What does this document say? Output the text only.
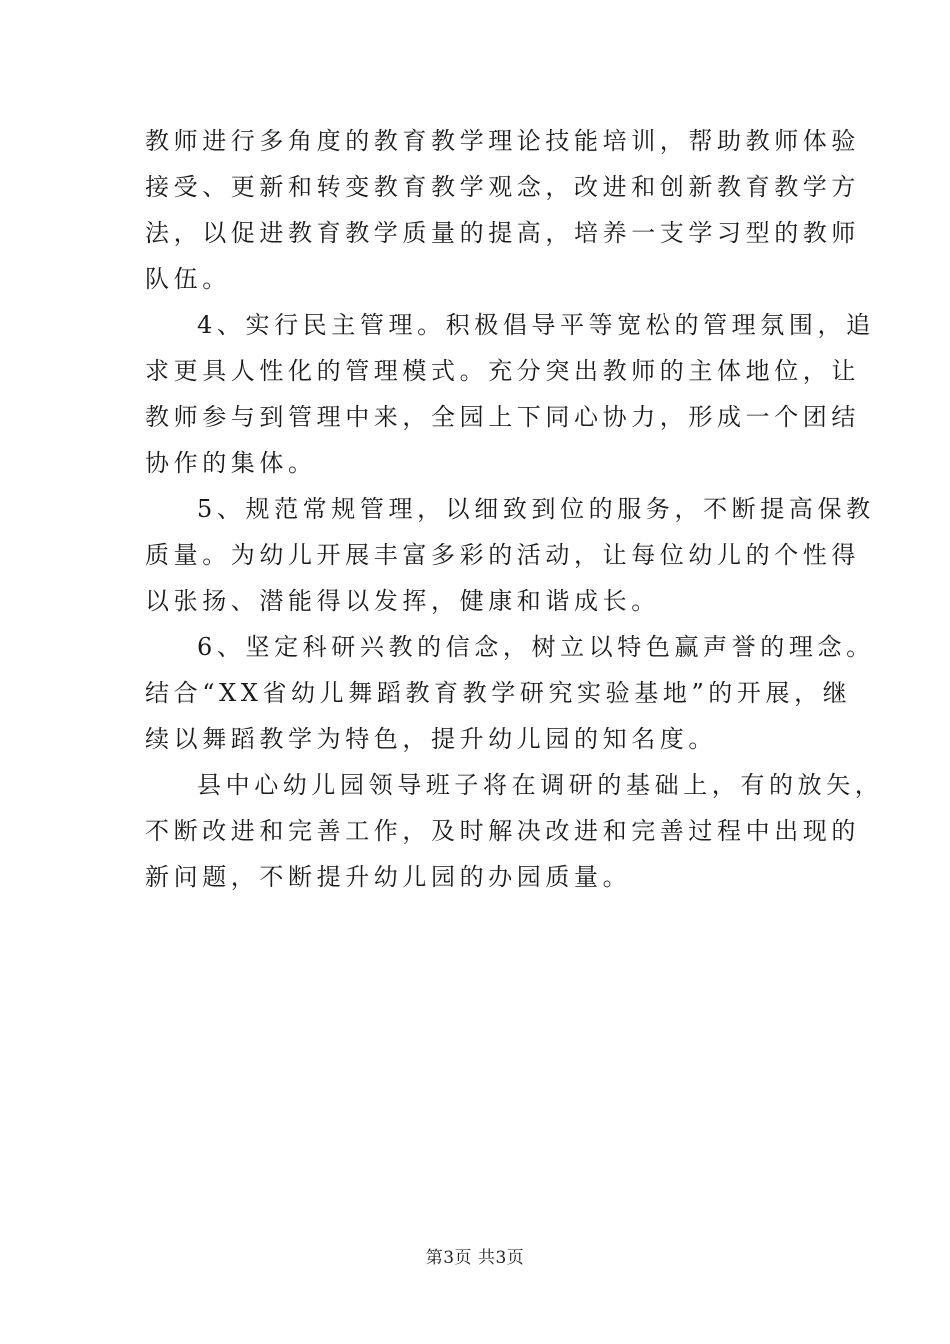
教师进行多角度的教育教学理论技能培训，帮助教师体验
接受、更新和转变教育教学观念，改进和创新教育教学方
法，以促进教育教学质量的提高，培养一支学习型的教师
队伍。
4、实行民主管理。积极倡导平等宽松的管理氛围，追
求更具人性化的管理模式。充分突出教师的主体地位，让
教师参与到管理中来，全园上下同心协力，形成一个团结
协作的集体。
5、规范常规管理，以细致到位的服务，不断提高保教
质量。为幼儿开展丰富多彩的活动，让每位幼儿的个性得
以张扬、潜能得以发挥，健康和谐成长。
6、坚定科研兴教的信念，树立以特色赢声誉的理念。
结合“XX省幼儿舞蹈教育教学研究实验基地”的开展，继
续以舞蹈教学为特色，提升幼儿园的知名度。
县中心幼儿园领导班子将在调研的基础上，有的放矢，
不断改进和完善工作，及时解决改进和完善过程中出现的
新问题，不断提升幼儿园的办园质量。
第3页 共3页
